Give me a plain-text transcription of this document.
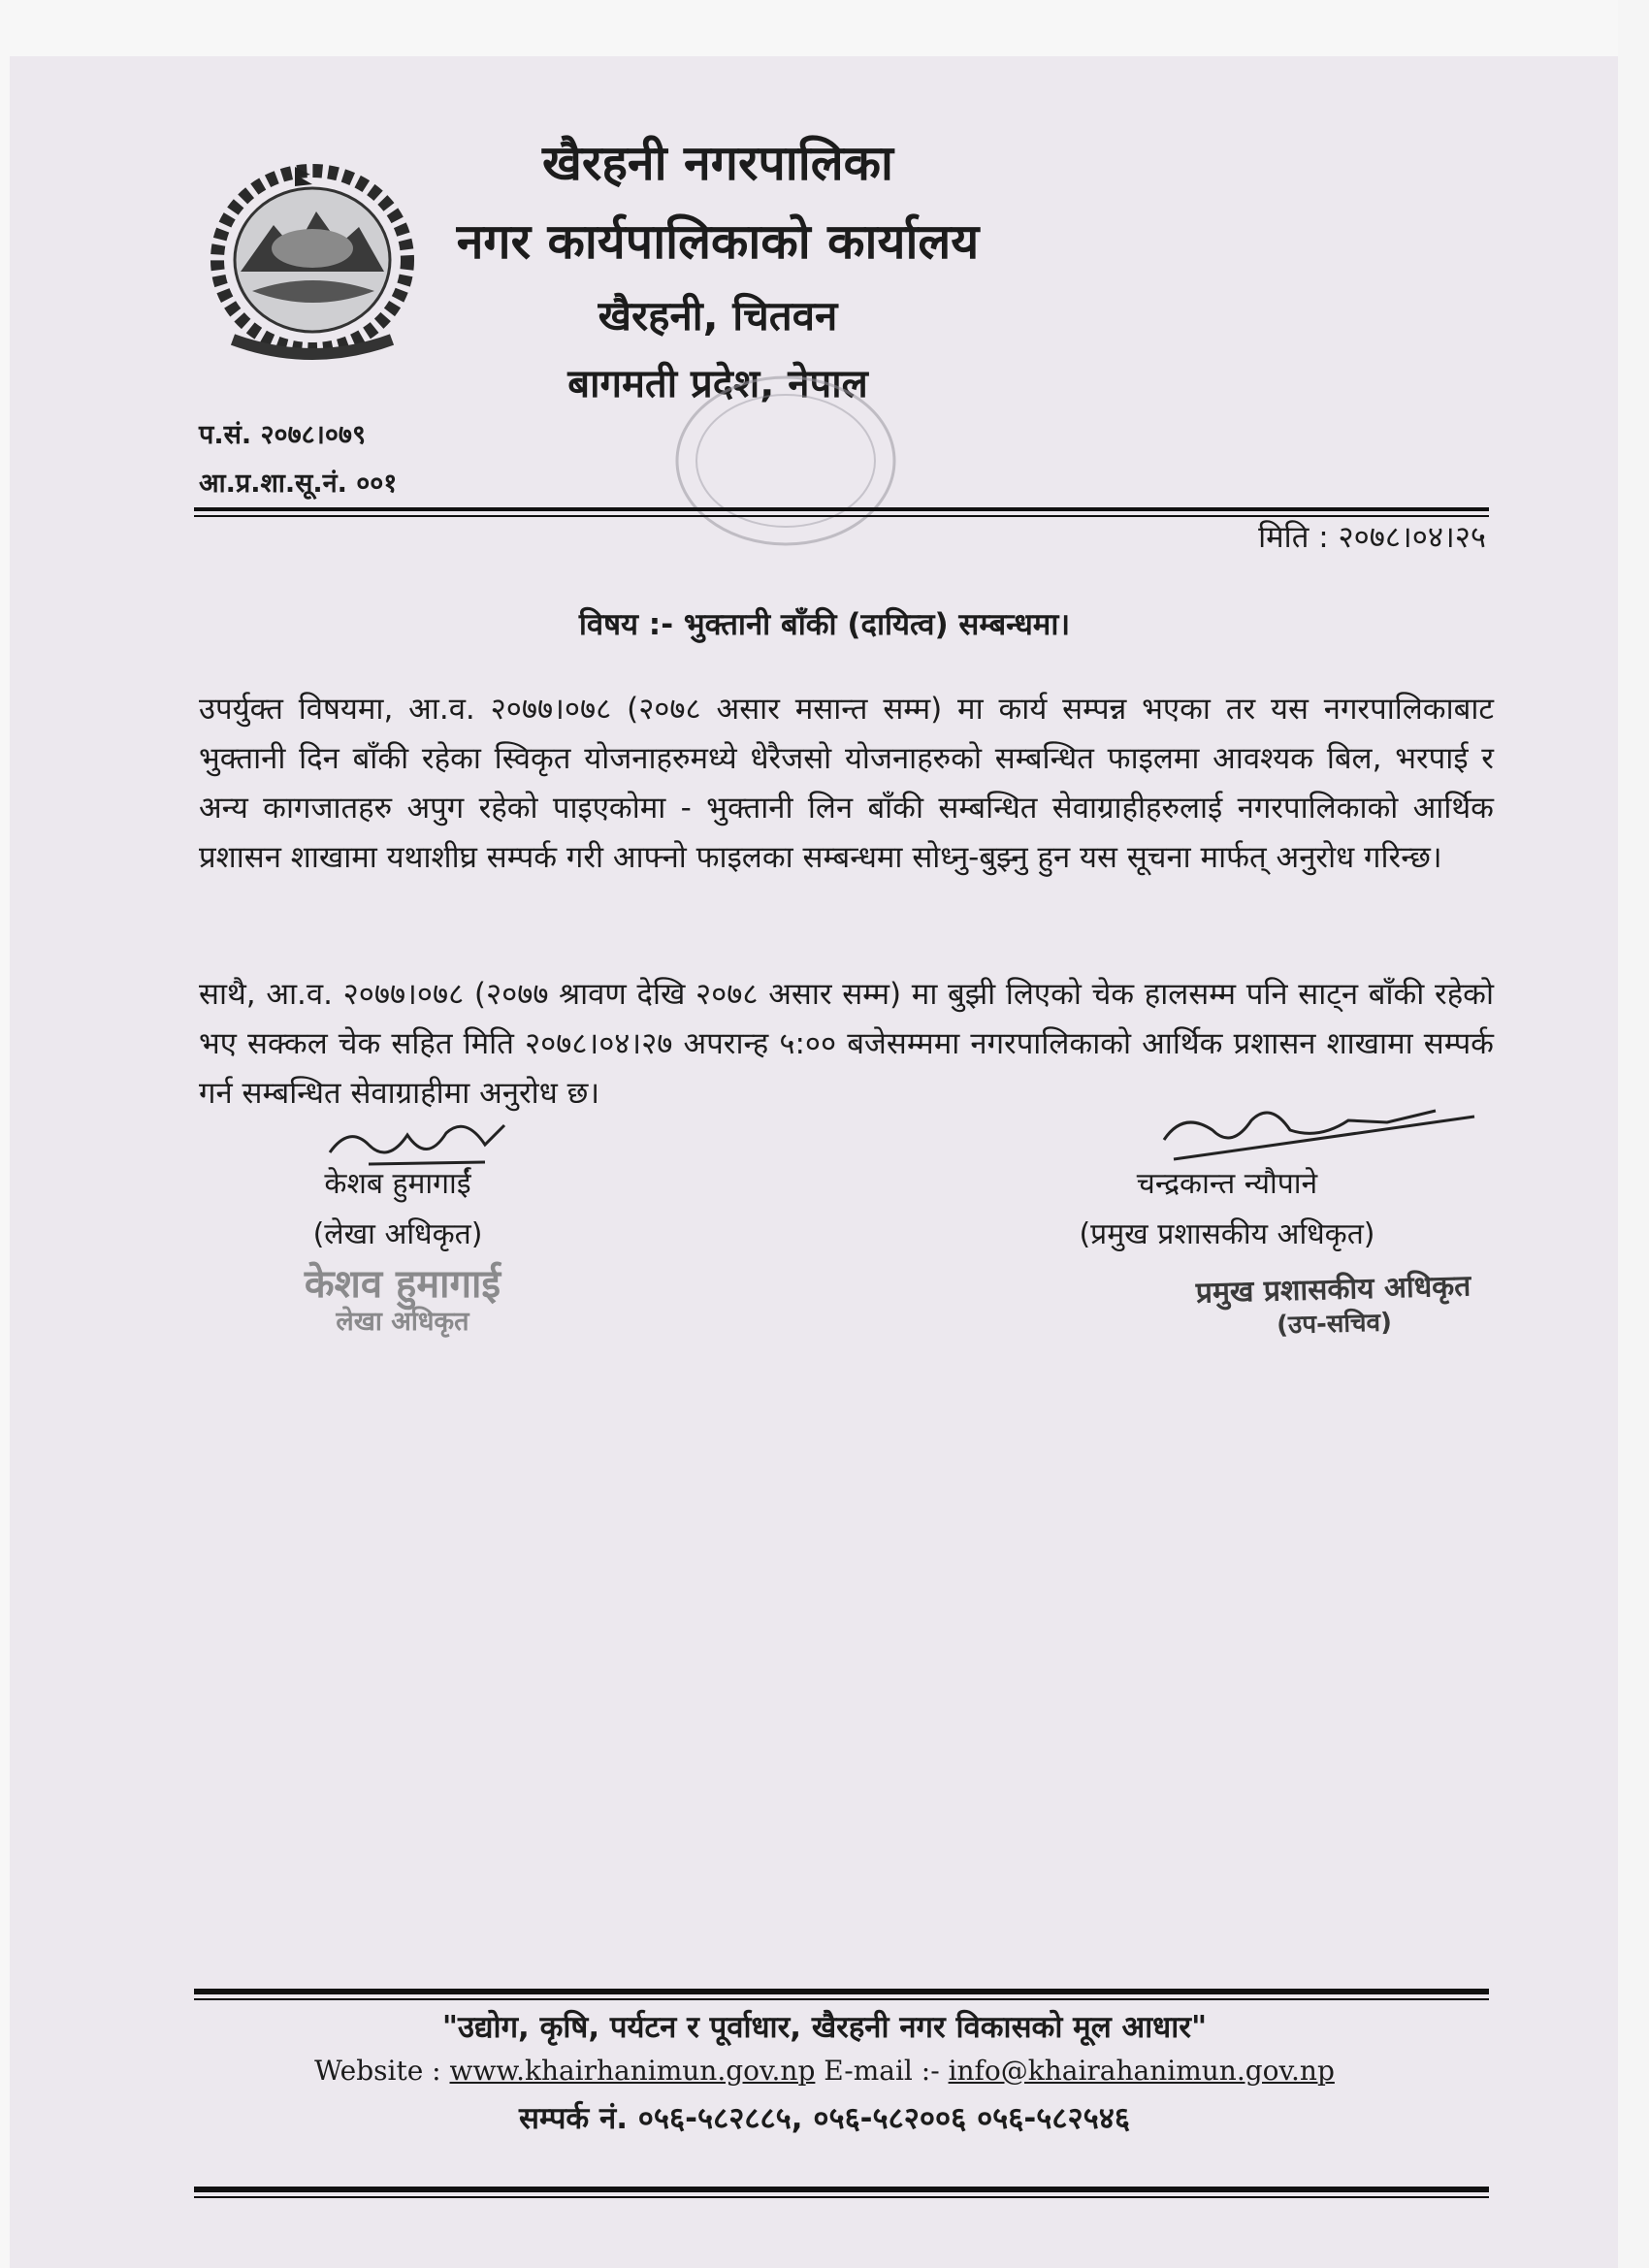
खैरहनी नगरपालिका
नगर कार्यपालिकाको कार्यालय
खैरहनी, चितवन
बागमती प्रदेश, नेपाल
प.सं. २०७८।०७९
आ.प्र.शा.सू.नं. ००१
मिति : २०७८।०४।२५
विषय :- भुक्तानी बाँकी (दायित्व) सम्बन्धमा।
उपर्युक्त विषयमा, आ.व. २०७७।०७८ (२०७८ असार मसान्त सम्म) मा कार्य सम्पन्न भएका तर यस नगरपालिकाबाट भुक्तानी दिन बाँकी रहेका स्विकृत योजनाहरुमध्ये धेरैजसो योजनाहरुको सम्बन्धित फाइलमा आवश्यक बिल, भरपाई र अन्य कागजातहरु अपुग रहेको पाइएकोमा - भुक्तानी लिन बाँकी सम्बन्धित सेवाग्राहीहरुलाई नगरपालिकाको आर्थिक प्रशासन शाखामा यथाशीघ्र सम्पर्क गरी आफ्नो फाइलका सम्बन्धमा सोध्नु-बुझ्नु हुन यस सूचना मार्फत् अनुरोध गरिन्छ।
साथै, आ.व. २०७७।०७८ (२०७७ श्रावण देखि २०७८ असार सम्म) मा बुझी लिएको चेक हालसम्म पनि साट्न बाँकी रहेको भए सक्कल चेक सहित मिति २०७८।०४।२७ अपरान्ह ५:०० बजेसम्ममा नगरपालिकाको आर्थिक प्रशासन शाखामा सम्पर्क गर्न सम्बन्धित सेवाग्राहीमा अनुरोध छ।
केशब हुमागाईं
(लेखा अधिकृत)
चन्द्रकान्त न्यौपाने
(प्रमुख प्रशासकीय अधिकृत)
केशव हुमागाई
लेखा अधिकृत
प्रमुख प्रशासकीय अधिकृत
(उप-सचिव)
"उद्योग, कृषि, पर्यटन र पूर्वाधार, खैरहनी नगर विकासको मूल आधार"
Website : www.khairhanimun.gov.np E-mail :- info@khairahanimun.gov.np
सम्पर्क नं. ०५६-५८२८८५, ०५६-५८२००६ ०५६-५८२५४६
